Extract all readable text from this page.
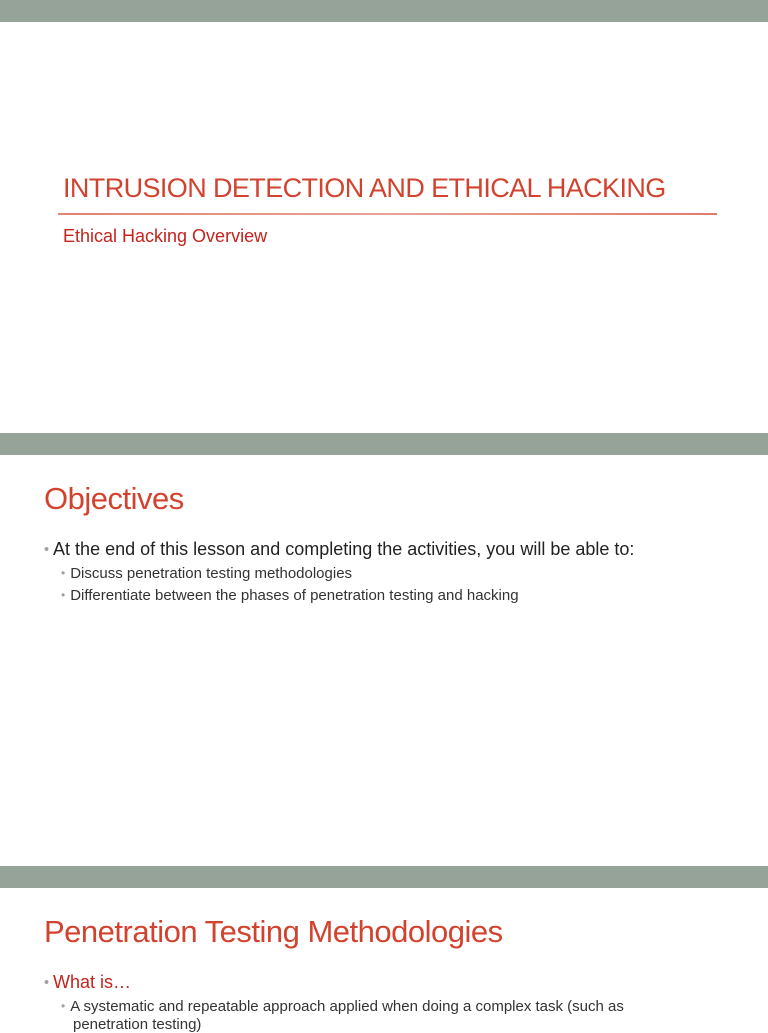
INTRUSION DETECTION AND ETHICAL HACKING
Ethical Hacking Overview
Objectives
• At the end of this lesson and completing the activities, you will be able to:
• Discuss penetration testing methodologies
• Differentiate between the phases of penetration testing and hacking
Penetration Testing Methodologies
• What is…
• A systematic and repeatable approach applied when doing a complex task (such as
penetration testing)
